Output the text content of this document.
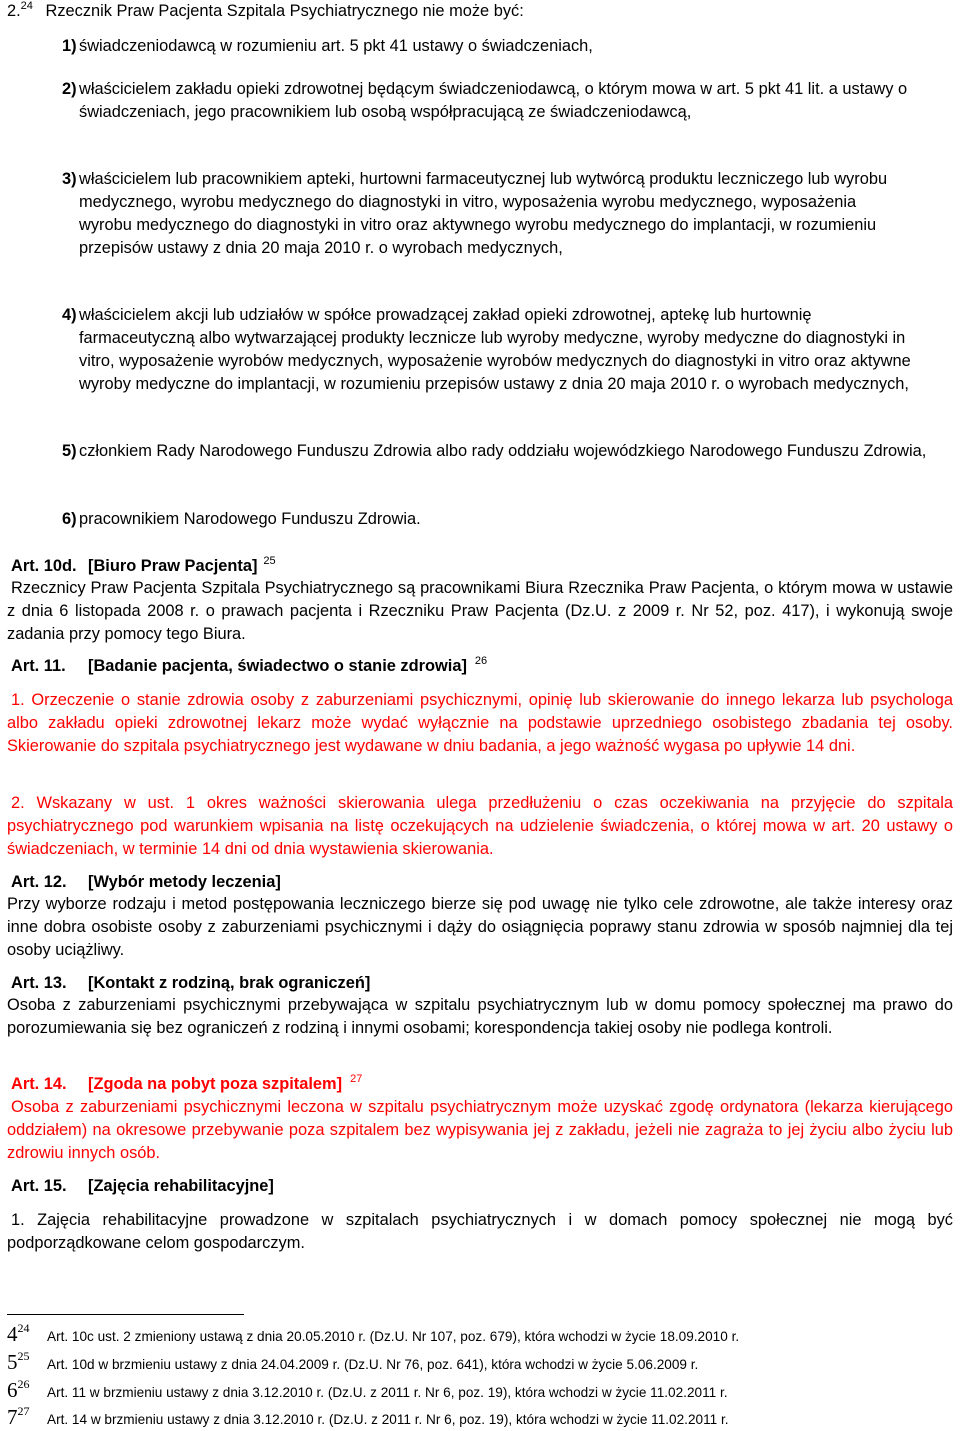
2.24 Rzecznik Praw Pacjenta Szpitala Psychiatrycznego nie może być:
1) świadczeniodawcą w rozumieniu art. 5 pkt 41 ustawy o świadczeniach,
2) właścicielem zakładu opieki zdrowotnej będącym świadczeniodawcą, o którym mowa w art. 5 pkt 41 lit. a ustawy o świadczeniach, jego pracownikiem lub osobą współpracującą ze świadczeniodawcą,
3) właścicielem lub pracownikiem apteki, hurtowni farmaceutycznej lub wytwórcą produktu leczniczego lub wyrobu medycznego, wyrobu medycznego do diagnostyki in vitro, wyposażenia wyrobu medycznego, wyposażenia wyrobu medycznego do diagnostyki in vitro oraz aktywnego wyrobu medycznego do implantacji, w rozumieniu przepisów ustawy z dnia 20 maja 2010 r. o wyrobach medycznych,
4) właścicielem akcji lub udziałów w spółce prowadzącej zakład opieki zdrowotnej, aptekę lub hurtownię farmaceutyczną albo wytwarzającej produkty lecznicze lub wyroby medyczne, wyroby medyczne do diagnostyki in vitro, wyposażenie wyrobów medycznych, wyposażenie wyrobów medycznych do diagnostyki in vitro oraz aktywne wyroby medyczne do implantacji, w rozumieniu przepisów ustawy z dnia 20 maja 2010 r. o wyrobach medycznych,
5) członkiem Rady Narodowego Funduszu Zdrowia albo rady oddziału wojewódzkiego Narodowego Funduszu Zdrowia,
6) pracownikiem Narodowego Funduszu Zdrowia.
Art. 10d. [Biuro Praw Pacjenta] $^{25}$
Rzecznicy Praw Pacjenta Szpitala Psychiatrycznego są pracownikami Biura Rzecznika Praw Pacjenta, o którym mowa w ustawie z dnia 6 listopada 2008 r. o prawach pacjenta i Rzeczniku Praw Pacjenta (Dz.U. z 2009 r. Nr 52, poz. 417), i wykonują swoje zadania przy pomocy tego Biura.
Art. 11. [Badanie pacjenta, świadectwo o stanie zdrowia] $^{26}$
1. Orzeczenie o stanie zdrowia osoby z zaburzeniami psychicznymi, opinię lub skierowanie do innego lekarza lub psychologa albo zakładu opieki zdrowotnej lekarz może wydać wyłącznie na podstawie uprzedniego osobistego zbadania tej osoby. Skierowanie do szpitala psychiatrycznego jest wydawane w dniu badania, a jego ważność wygasa po upływie 14 dni.
2. Wskazany w ust. 1 okres ważności skierowania ulega przedłużeniu o czas oczekiwania na przyjęcie do szpitala psychiatrycznego pod warunkiem wpisania na listę oczekujących na udzielenie świadczenia, o której mowa w art. 20 ustawy o świadczeniach, w terminie 14 dni od dnia wystawienia skierowania.
Art. 12. [Wybór metody leczenia]
Przy wyborze rodzaju i metod postępowania leczniczego bierze się pod uwagę nie tylko cele zdrowotne, ale także interesy oraz inne dobra osobiste osoby z zaburzeniami psychicznymi i dąży do osiągnięcia poprawy stanu zdrowia w sposób najmniej dla tej osoby uciążliwy.
Art. 13. [Kontakt z rodziną, brak ograniczeń]
Osoba z zaburzeniami psychicznymi przebywająca w szpitalu psychiatrycznym lub w domu pomocy społecznej ma prawo do porozumiewania się bez ograniczeń z rodziną i innymi osobami; korespondencja takiej osoby nie podlega kontroli.
Art. 14. [Zgoda na pobyt poza szpitalem] $^{27}$
Osoba z zaburzeniami psychicznymi leczona w szpitalu psychiatrycznym może uzyskać zgodę ordynatora (lekarza kierującego oddziałem) na okresowe przebywanie poza szpitalem bez wypisywania jej z zakładu, jeżeli nie zagraża to jej życiu albo życiu lub zdrowiu innych osób.
Art. 15. [Zajęcia rehabilitacyjne]
1. Zajęcia rehabilitacyjne prowadzone w szpitalach psychiatrycznych i w domach pomocy społecznej nie mogą być podporządkowane celom gospodarczym.
$4^{24}$
Art. 10c ust. 2 zmieniony ustawą z dnia 20.05.2010 r. (Dz.U. Nr 107, poz. 679), która wchodzi w życie 18.09.2010 r.
$5^{25}$
Art. 10d w brzmieniu ustawy z dnia 24.04.2009 r. (Dz.U. Nr 76, poz. 641), która wchodzi w życie 5.06.2009 r.
$6^{26}$
Art. 11 w brzmieniu ustawy z dnia 3.12.2010 r. (Dz.U. z 2011 r. Nr 6, poz. 19), która wchodzi w życie 11.02.2011 r.
$7^{27}$
Art. 14 w brzmieniu ustawy z dnia 3.12.2010 r. (Dz.U. z 2011 r. Nr 6, poz. 19), która wchodzi w życie 11.02.2011 r.
